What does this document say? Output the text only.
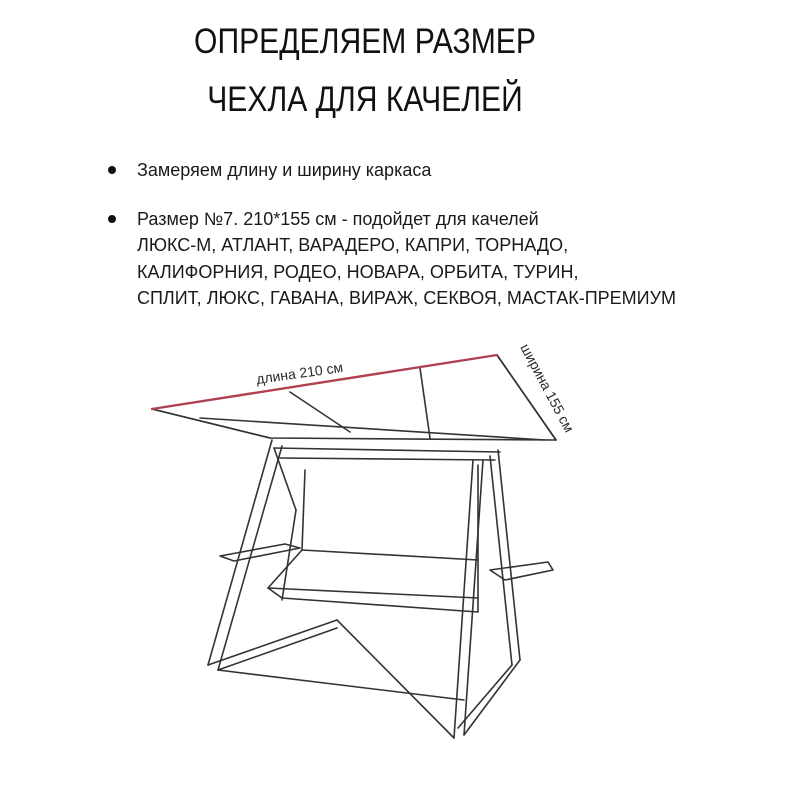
ОПРЕДЕЛЯЕМ РАЗМЕР
ЧЕХЛА ДЛЯ КАЧЕЛЕЙ
Замеряем длину и ширину каркаса
Размер №7. 210*155 см - подойдет для качелей
ЛЮКС-М, АТЛАНТ, ВАРАДЕРО, КАПРИ, ТОРНАДО,
КАЛИФОРНИЯ, РОДЕО, НОВАРА, ОРБИТА, ТУРИН,
СПЛИТ, ЛЮКС, ГАВАНА, ВИРАЖ, СЕКВОЯ, МАСТАК-ПРЕМИУМ
длина 210 см	ширина 155 см
